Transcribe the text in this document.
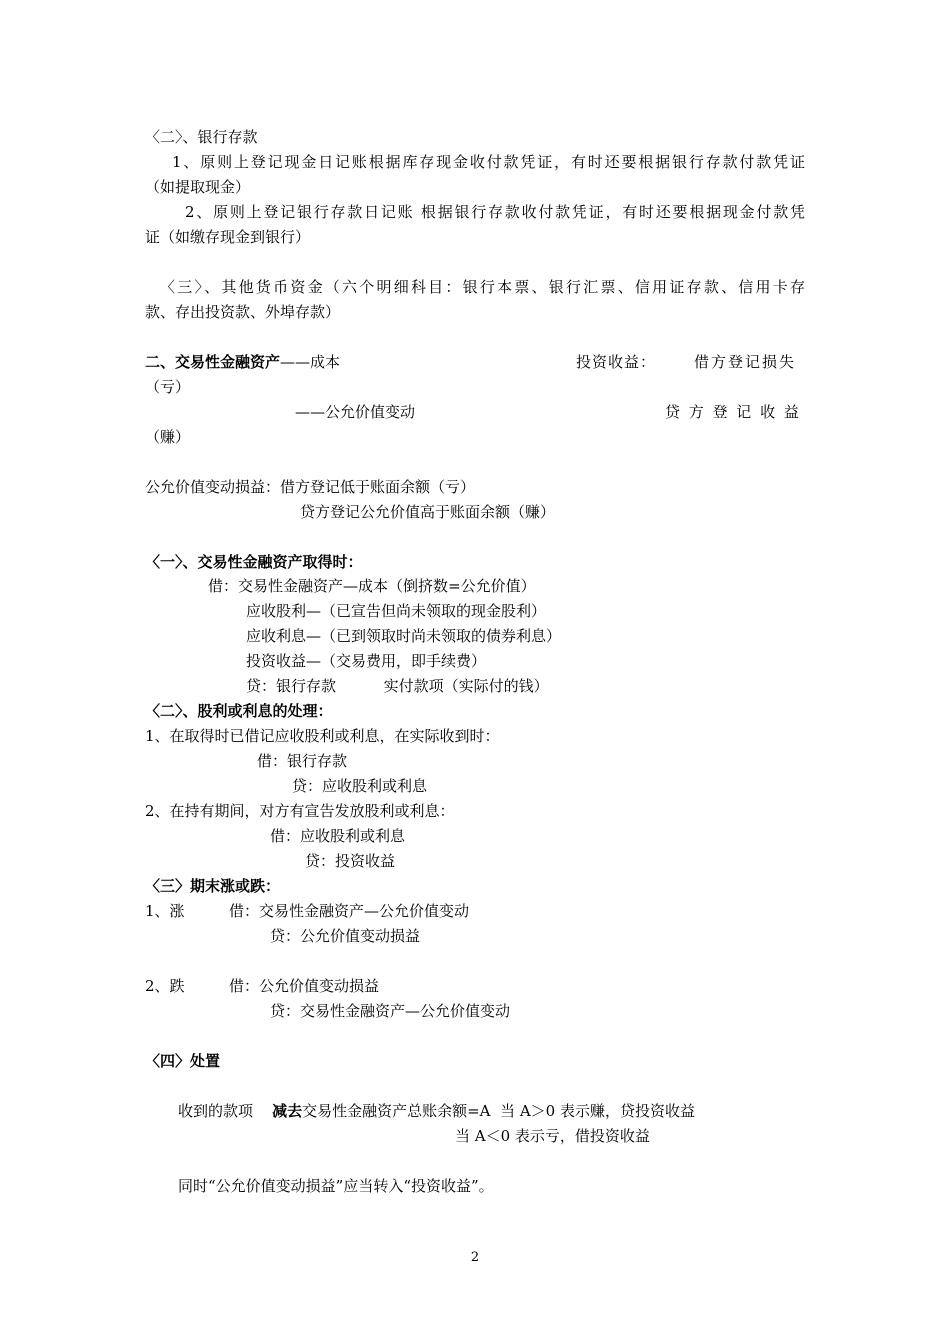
〈二〉、银行存款
1、原则上登记现金日记账根据库存现金收付款凭证，有时还要根据银行存款付款凭证
（如提取现金）
2、原则上登记银行存款日记账 根据银行存款收付款凭证，有时还要根据现金付款凭
证（如缴存现金到银行）
〈三〉、其他货币资金（六个明细科目：银行本票、银行汇票、信用证存款、信用卡存
款、存出投资款、外埠存款）
二、交易性金融资产——成本	投资收益：	借方登记损失
（亏）
——公允价值变动	贷 方 登 记 收 益
（赚）
公允价值变动损益：借方登记低于账面余额（亏）
贷方登记公允价值高于账面余额（赚）
〈一〉、交易性金融资产取得时：
借：交易性金融资产—成本（倒挤数=公允价值）
应收股利—（已宣告但尚未领取的现金股利）
应收利息—（已到领取时尚未领取的债券利息）
投资收益—（交易费用，即手续费）
贷：银行存款          实付款项（实际付的钱）
〈二〉、股利或利息的处理：
1、在取得时已借记应收股利或利息，在实际收到时：
借：银行存款
贷：应收股利或利息
2、在持有期间，对方有宣告发放股利或利息：
借：应收股利或利息
贷：投资收益
〈三〉期末涨或跌：
1、涨	借：交易性金融资产—公允价值变动
贷：公允价值变动损益
2、跌	借：公允价值变动损益
贷：交易性金融资产—公允价值变动
〈四〉处置
收到的款项 减去交易性金融资产总账余额=A  当 A＞0 表示赚，贷投资收益
当 A＜0 表示亏，借投资收益
同时“公允价值变动损益”应当转入“投资收益”。
2
